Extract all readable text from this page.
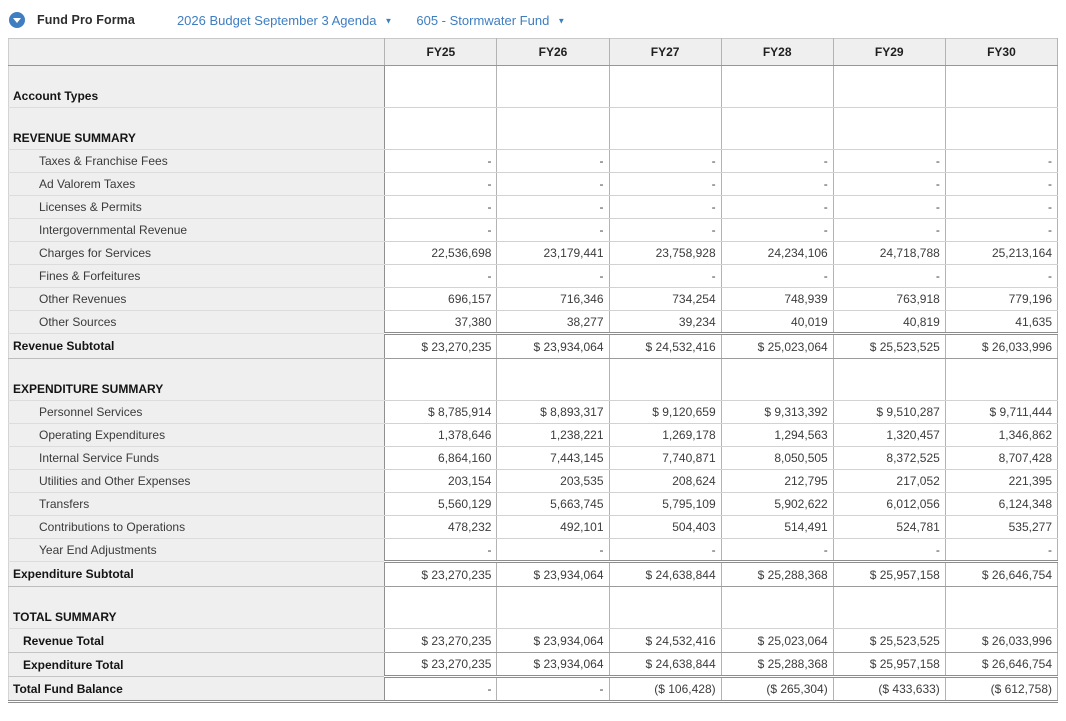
Fund Pro Forma	2026 Budget September 3 Agenda ▼ 605 - Stormwater Fund ▼
	FY25	FY26	FY27	FY28	FY29	FY30

Account Types						

REVENUE SUMMARY						
Taxes & Franchise Fees	-	-	-	-	-	-
Ad Valorem Taxes	-	-	-	-	-	-
Licenses & Permits	-	-	-	-	-	-
Intergovernmental Revenue	-	-	-	-	-	-
Charges for Services	22,536,698	23,179,441	23,758,928	24,234,106	24,718,788	25,213,164
Fines & Forfeitures	-	-	-	-	-	-
Other Revenues	696,157	716,346	734,254	748,939	763,918	779,196
Other Sources	37,380	38,277	39,234	40,019	40,819	41,635
Revenue Subtotal	$ 23,270,235	$ 23,934,064	$ 24,532,416	$ 25,023,064	$ 25,523,525	$ 26,033,996

EXPENDITURE SUMMARY						
Personnel Services	$ 8,785,914	$ 8,893,317	$ 9,120,659	$ 9,313,392	$ 9,510,287	$ 9,711,444
Operating Expenditures	1,378,646	1,238,221	1,269,178	1,294,563	1,320,457	1,346,862
Internal Service Funds	6,864,160	7,443,145	7,740,871	8,050,505	8,372,525	8,707,428
Utilities and Other Expenses	203,154	203,535	208,624	212,795	217,052	221,395
Transfers	5,560,129	5,663,745	5,795,109	5,902,622	6,012,056	6,124,348
Contributions to Operations	478,232	492,101	504,403	514,491	524,781	535,277
Year End Adjustments	-	-	-	-	-	-
Expenditure Subtotal	$ 23,270,235	$ 23,934,064	$ 24,638,844	$ 25,288,368	$ 25,957,158	$ 26,646,754

TOTAL SUMMARY						
Revenue Total	$ 23,270,235	$ 23,934,064	$ 24,532,416	$ 25,023,064	$ 25,523,525	$ 26,033,996
Expenditure Total	$ 23,270,235	$ 23,934,064	$ 24,638,844	$ 25,288,368	$ 25,957,158	$ 26,646,754
Total Fund Balance	-	-	($ 106,428)	($ 265,304)	($ 433,633)	($ 612,758)
